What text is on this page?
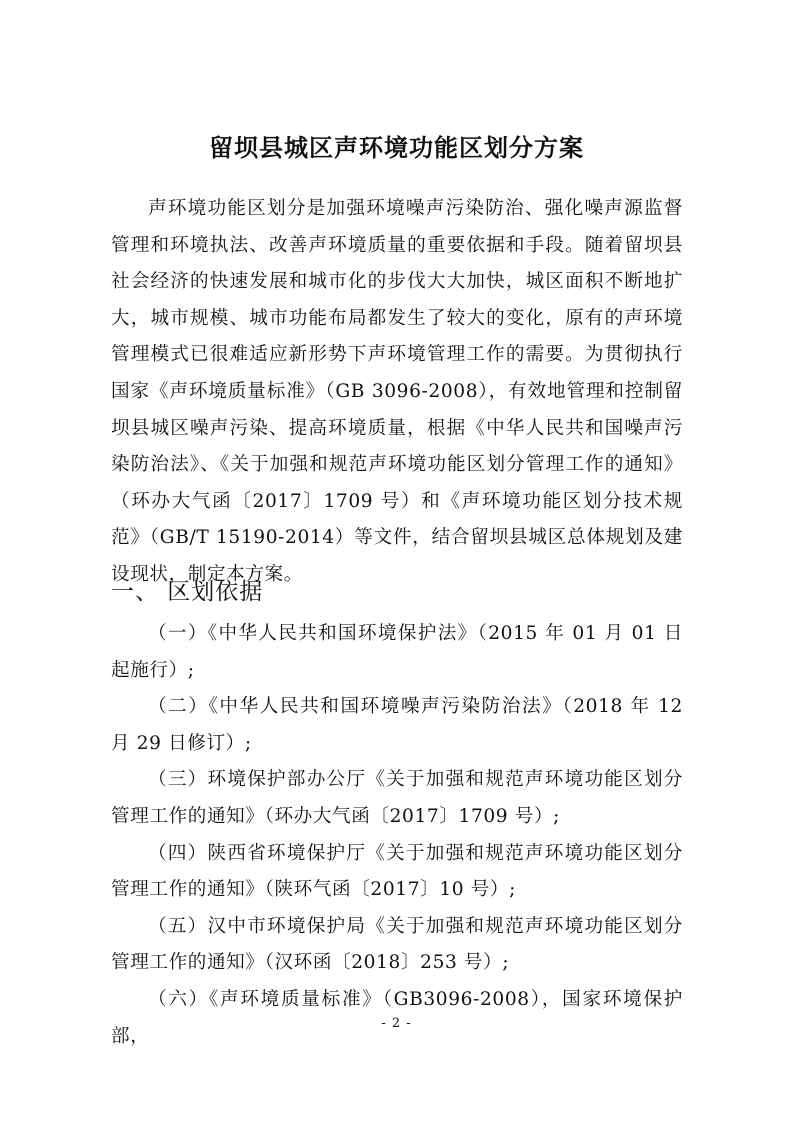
留坝县城区声环境功能区划分方案

声环境功能区划分是加强环境噪声污染防治、强化噪声源监督管理和环境执法、改善声环境质量的重要依据和手段。随着留坝县社会经济的快速发展和城市化的步伐大大加快，城区面积不断地扩大，城市规模、城市功能布局都发生了较大的变化，原有的声环境管理模式已很难适应新形势下声环境管理工作的需要。为贯彻执行国家《声环境质量标准》（GB 3096-2008），有效地管理和控制留坝县城区噪声污染、提高环境质量，根据《中华人民共和国噪声污染防治法》、《关于加强和规范声环境功能区划分管理工作的通知》（环办大气函〔2017〕1709 号）和《声环境功能区划分技术规范》（GB/T 15190-2014）等文件，结合留坝县城区总体规划及建设现状，制定本方案。

一、 区划依据
（一）《中华人民共和国环境保护法》（2015 年 01 月 01 日起施行）;
（二）《中华人民共和国环境噪声污染防治法》（2018 年 12 月 29 日修订）;
（三）环境保护部办公厅《关于加强和规范声环境功能区划分管理工作的通知》（环办大气函〔2017〕1709 号）;
（四）陕西省环境保护厅《关于加强和规范声环境功能区划分管理工作的通知》（陕环气函〔2017〕10 号）;
（五）汉中市环境保护局《关于加强和规范声环境功能区划分管理工作的通知》（汉环函〔2018〕253 号）;
（六）《声环境质量标准》（GB3096-2008），国家环境保护部，
- 2 -
